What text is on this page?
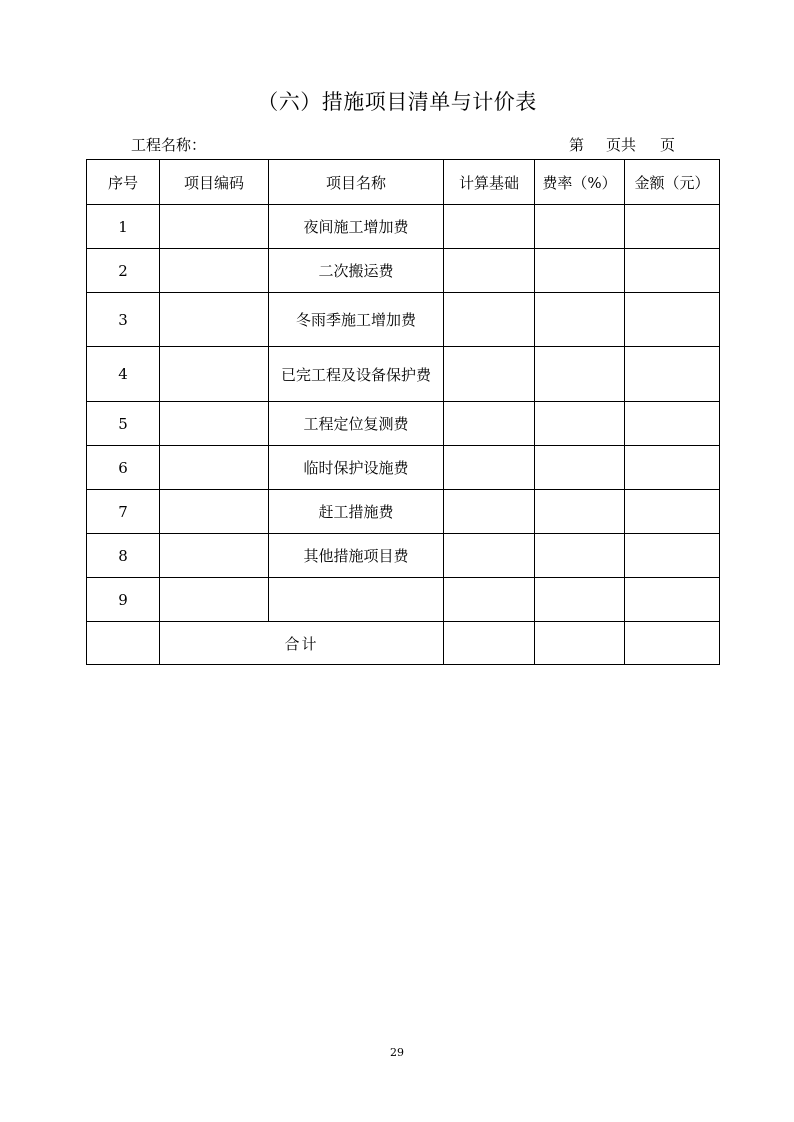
（六）措施项目清单与计价表
工程名称：	第 页共 页
序号	项目编码	项目名称	计算基础	费率（%）	金额（元）
1		夜间施工增加费			
2		二次搬运费			
3		冬雨季施工增加费			
4		已完工程及设备保护费			
5		工程定位复测费			
6		临时保护设施费			
7		赶工措施费			
8		其他措施项目费			
9					
	合计				
29
